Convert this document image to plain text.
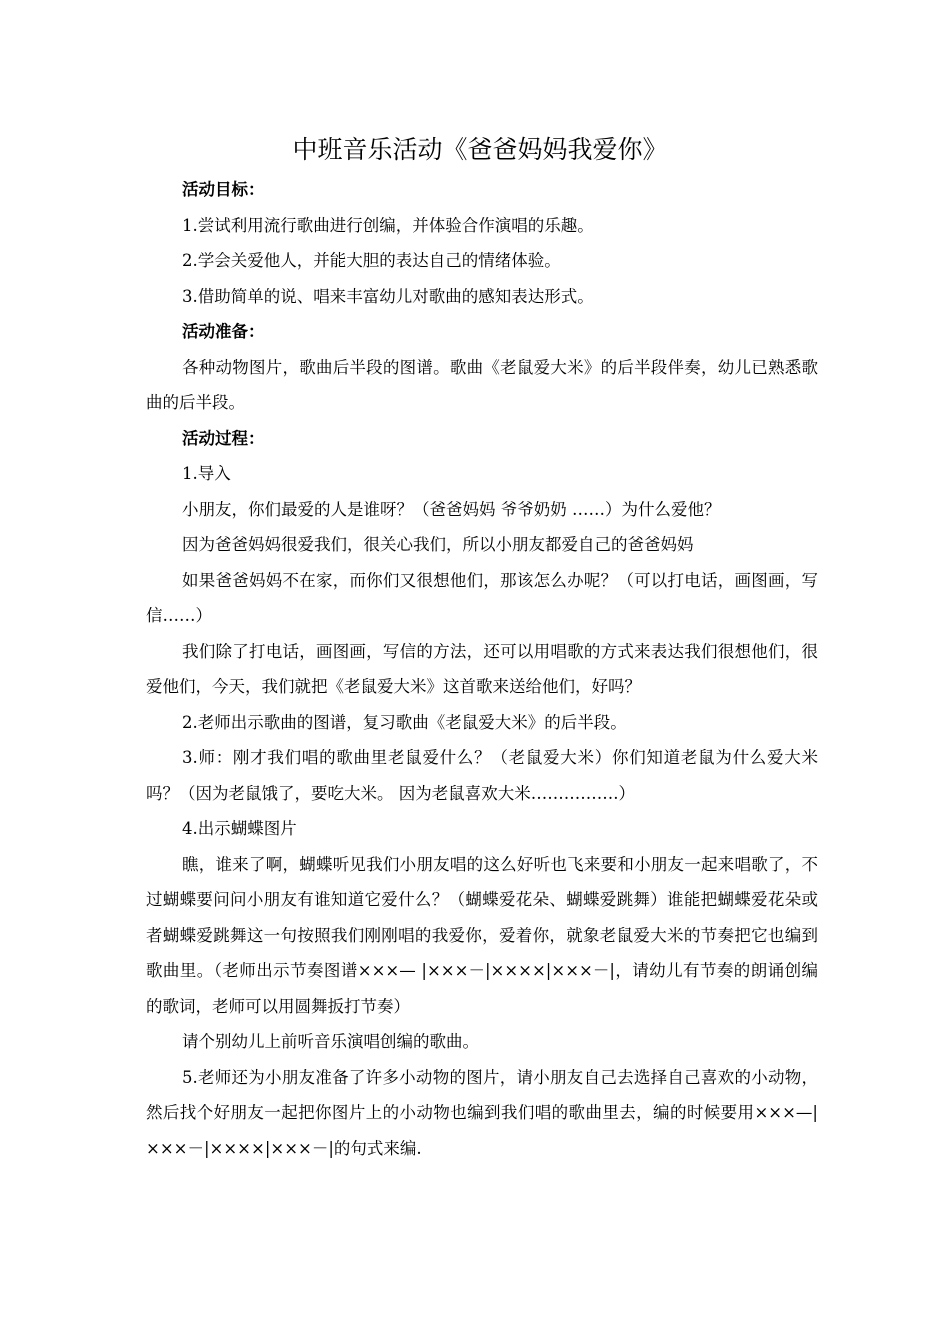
中班音乐活动《爸爸妈妈我爱你》

活动目标：

1.尝试利用流行歌曲进行创编，并体验合作演唱的乐趣。

2.学会关爱他人，并能大胆的表达自己的情绪体验。

3.借助简单的说、唱来丰富幼儿对歌曲的感知表达形式。

活动准备：

各种动物图片，歌曲后半段的图谱。歌曲《老鼠爱大米》的后半段伴奏，幼儿已熟悉歌曲的后半段。

活动过程：

1.导入

小朋友，你们最爱的人是谁呀？（爸爸妈妈 爷爷奶奶 ……）为什么爱他？

因为爸爸妈妈很爱我们，很关心我们，所以小朋友都爱自己的爸爸妈妈

如果爸爸妈妈不在家，而你们又很想他们，那该怎么办呢？（可以打电话，画图画，写信……）

我们除了打电话，画图画，写信的方法，还可以用唱歌的方式来表达我们很想他们，很爱他们，今天，我们就把《老鼠爱大米》这首歌来送给他们，好吗？

2.老师出示歌曲的图谱，复习歌曲《老鼠爱大米》的后半段。

3.师：刚才我们唱的歌曲里老鼠爱什么？（老鼠爱大米）你们知道老鼠为什么爱大米吗？（因为老鼠饿了，要吃大米。 因为老鼠喜欢大米…………….）

4.出示蝴蝶图片

瞧，谁来了啊，蝴蝶听见我们小朋友唱的这么好听也飞来要和小朋友一起来唱歌了，不过蝴蝶要问问小朋友有谁知道它爱什么？（蝴蝶爱花朵、蝴蝶爱跳舞）谁能把蝴蝶爱花朵或者蝴蝶爱跳舞这一句按照我们刚刚唱的我爱你，爱着你，就象老鼠爱大米的节奏把它也编到歌曲里。（老师出示节奏图谱×××— |×××－|××××|×××－|，请幼儿有节奏的朗诵创编的歌词，老师可以用圆舞扳打节奏）

请个别幼儿上前听音乐演唱创编的歌曲。

5.老师还为小朋友准备了许多小动物的图片，请小朋友自己去选择自己喜欢的小动物，然后找个好朋友一起把你图片上的小动物也编到我们唱的歌曲里去，编的时候要用×××—|×××－|××××|×××－|的句式来编.
